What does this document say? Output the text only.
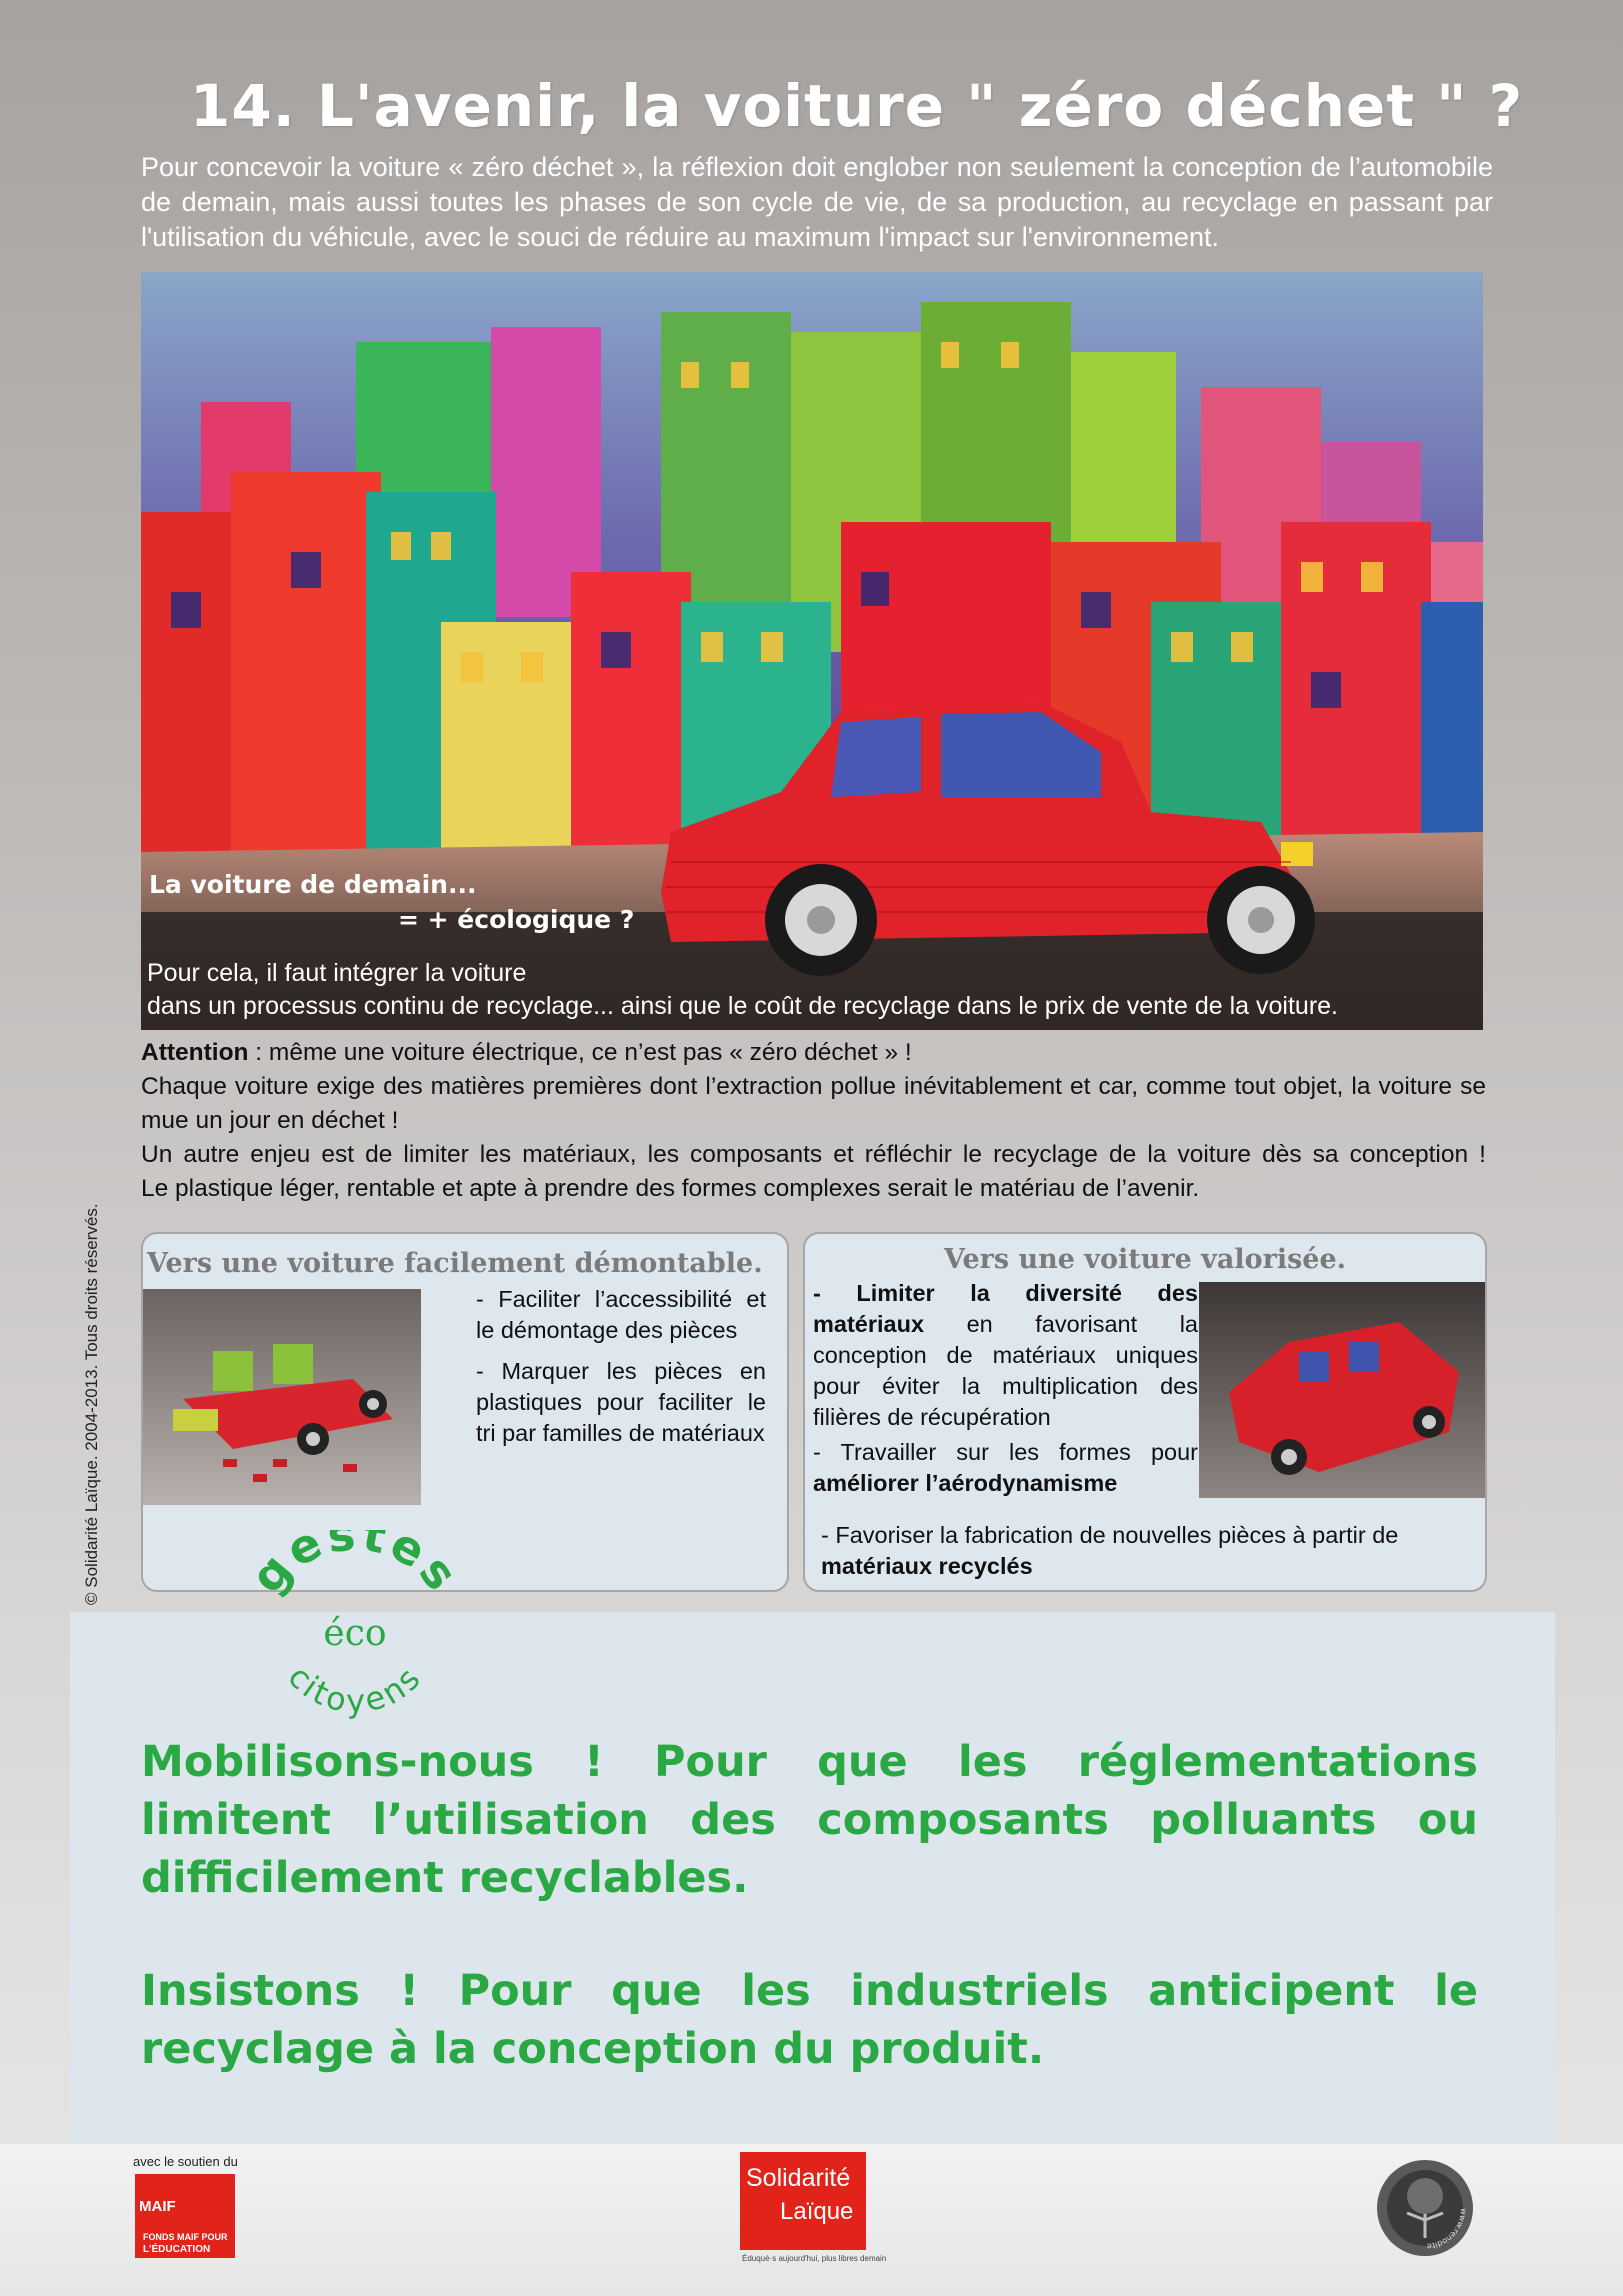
14. L'avenir, la voiture " zéro déchet " ?
Pour concevoir la voiture « zéro déchet », la réflexion doit englober non seulement la conception de l’automobile de demain, mais aussi toutes les phases de son cycle de vie, de sa production, au recyclage en passant par l'utilisation du véhicule, avec le souci de réduire au maximum l'impact sur l'environnement.
La voiture de demain...
= + écologique ?
Pour cela, il faut intégrer la voiture
dans un processus continu de recyclage... ainsi que le coût de recyclage dans le prix de vente de la voiture.

Attention : même une voiture électrique, ce n’est pas « zéro déchet » !

Chaque voiture exige des matières premières dont l’extraction pollue inévitablement et car, comme tout objet, la voiture se mue un jour en déchet !

Un autre enjeu est de limiter les matériaux, les composants et réfléchir le recyclage de la voiture dès sa conception !

Le plastique léger, rentable et apte à prendre des formes complexes serait le matériau de l’avenir.

Vers une voiture facilement démontable.

- Faciliter l’accessibilité et le démontage des pièces

- Marquer les pièces en plastiques pour faciliter le tri par familles de matériaux

Vers une voiture valorisée.

- Limiter la diversité des matériaux en favorisant la conception de matériaux uniques pour éviter la multiplication des filières de récupération

- Travailler sur les formes pour améliorer l’aérodynamisme

- Favoriser la fabrication de nouvelles pièces à partir de matériaux recyclés
gestes
éco
citoyens

Mobilisons-nous ! Pour que les réglementations limitent l’utilisation des composants polluants ou difficilement recyclables.

Insistons ! Pour que les industriels anticipent le recyclage à la conception du produit.

© Solidarité Laïque. 2004-2013. Tous droits réservés.
avec le soutien du
MAIF
FONDS MAIF POUR
L'ÉDUCATION
Solidarité
Laïque
Éduqué·s aujourd'hui, plus libres demain
www.renodite
